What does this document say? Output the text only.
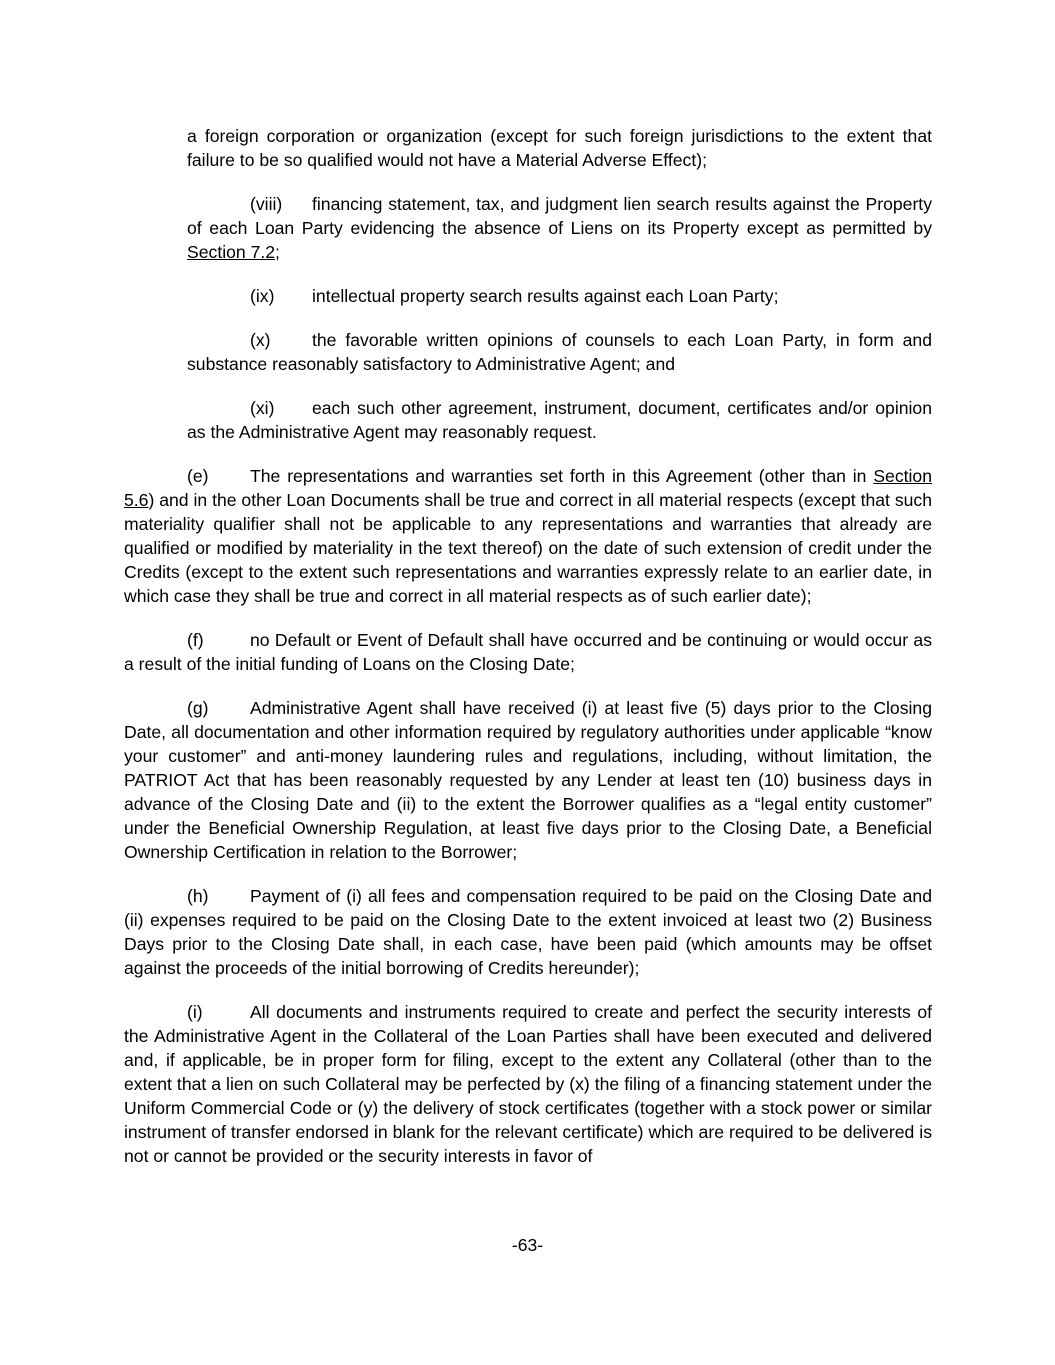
a foreign corporation or organization (except for such foreign jurisdictions to the extent that failure to be so qualified would not have a Material Adverse Effect);

(viii) financing statement, tax, and judgment lien search results against the Property of each Loan Party evidencing the absence of Liens on its Property except as permitted by Section 7.2;

(ix) intellectual property search results against each Loan Party;

(x) the favorable written opinions of counsels to each Loan Party, in form and substance reasonably satisfactory to Administrative Agent; and

(xi) each such other agreement, instrument, document, certificates and/or opinion as the Administrative Agent may reasonably request.

(e) The representations and warranties set forth in this Agreement (other than in Section 5.6) and in the other Loan Documents shall be true and correct in all material respects (except that such materiality qualifier shall not be applicable to any representations and warranties that already are qualified or modified by materiality in the text thereof) on the date of such extension of credit under the Credits (except to the extent such representations and warranties expressly relate to an earlier date, in which case they shall be true and correct in all material respects as of such earlier date);

(f)	no Default or Event of Default shall have occurred and be continuing or would occur as a result of the initial funding of Loans on the Closing Date;

(g) Administrative Agent shall have received (i) at least five (5) days prior to the Closing Date, all documentation and other information required by regulatory authorities under applicable “know your customer” and anti-money laundering rules and regulations, including, without limitation, the PATRIOT Act that has been reasonably requested by any Lender at least ten (10) business days in advance of the Closing Date and (ii) to the extent the Borrower qualifies as a “legal entity customer” under the Beneficial Ownership Regulation, at least five days prior to the Closing Date, a Beneficial Ownership Certification in relation to the Borrower;

(h) Payment of (i) all fees and compensation required to be paid on the Closing Date and (ii) expenses required to be paid on the Closing Date to the extent invoiced at least two (2) Business Days prior to the Closing Date shall, in each case, have been paid (which amounts may be offset against the proceeds of the initial borrowing of Credits hereunder);

(i)	All documents and instruments required to create and perfect the security interests of the Administrative Agent in the Collateral of the Loan Parties shall have been executed and delivered and, if applicable, be in proper form for filing, except to the extent any Collateral (other than to the extent that a lien on such Collateral may be perfected by (x) the filing of a financing statement under the Uniform Commercial Code or (y) the delivery of stock certificates (together with a stock power or similar instrument of transfer endorsed in blank for the relevant certificate) which are required to be delivered is not or cannot be provided or the security interests in favor of

-63-
